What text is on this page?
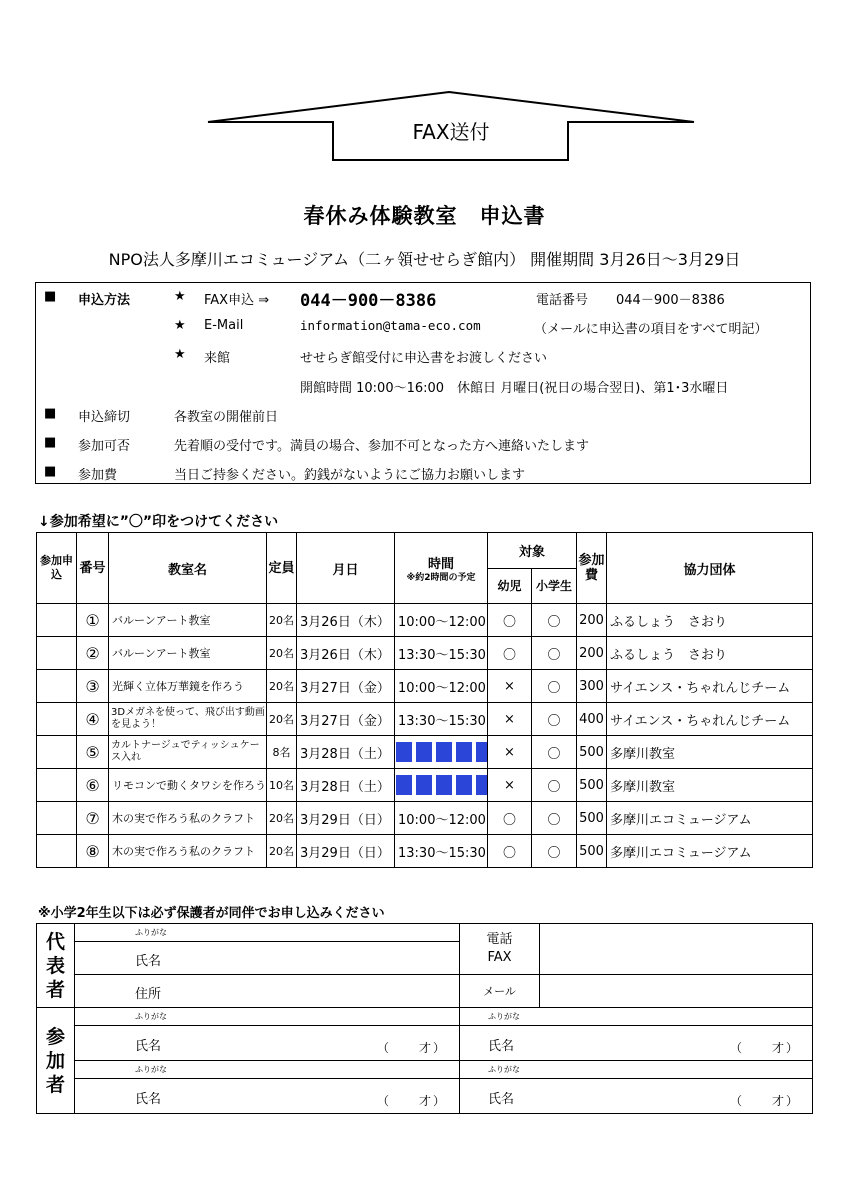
FAX送付
春休み体験教室　申込書
NPO法人多摩川エコミュージアム（二ヶ領せせらぎ館内） 開催期間 3月26日～3月29日
■ 申込方法	★ FAX申込 ⇒ 044－900－8386	電話番号 044－900－8386
★ E-Mail	information@tama-eco.com	（メールに申込書の項目をすべて明記）
★ 来館	せせらぎ館受付に申込書をお渡しください
開館時間 10:00～16:00　休館日 月曜日(祝日の場合翌日)、第1･3水曜日
■ 申込締切	各教室の開催前日
■ 参加可否	先着順の受付です。満員の場合、参加不可となった方へ連絡いたします
■ 参加費	当日ご持参ください。釣銭がないようにご協力お願いします
↓参加希望に”〇”印をつけてください
参加申込	番号	教室名	定員	月日	時間
※約2時間の予定	対象		参加費	協力団体
						幼児	小学生		
	①	バルーンアート教室	20名	3月26日（木）	10:00～12:00	〇	〇	200	ふるしょう　さおり
	②	バルーンアート教室	20名	3月26日（木）	13:30～15:30	〇	〇	200	ふるしょう　さおり
	③	光輝く立体万華鏡を作ろう	20名	3月27日（金）	10:00～12:00	×	〇	300	サイエンス・ちゃれんじチーム
	④	3Dメガネを使って、飛び出す動画を見よう！	20名	3月27日（金）	13:30～15:30	×	〇	400	サイエンス・ちゃれんじチーム
	⑤	カルトナージュでティッシュケース入れ	8名	3月28日（土）		×	〇	500	多摩川教室
	⑥	リモコンで動くタワシを作ろう	10名	3月28日（土）		×	〇	500	多摩川教室
	⑦	木の実で作ろう私のクラフト	20名	3月29日（日）	10:00～12:00	〇	〇	500	多摩川エコミュージアム
	⑧	木の実で作ろう私のクラフト	20名	3月29日（日）	13:30～15:30	〇	〇	500	多摩川エコミュージアム
※小学2年生以下は必ず保護者が同伴でお申し込みください
代表者	ふりがな	電話
FAX	

	氏名		

	住所	メール	

参加者	ふりがな	ふりがな	

	氏名 （　　才）	氏名 （　　才）	

	ふりがな	ふりがな	

	氏名 （　　才）	氏名 （　　才）	
